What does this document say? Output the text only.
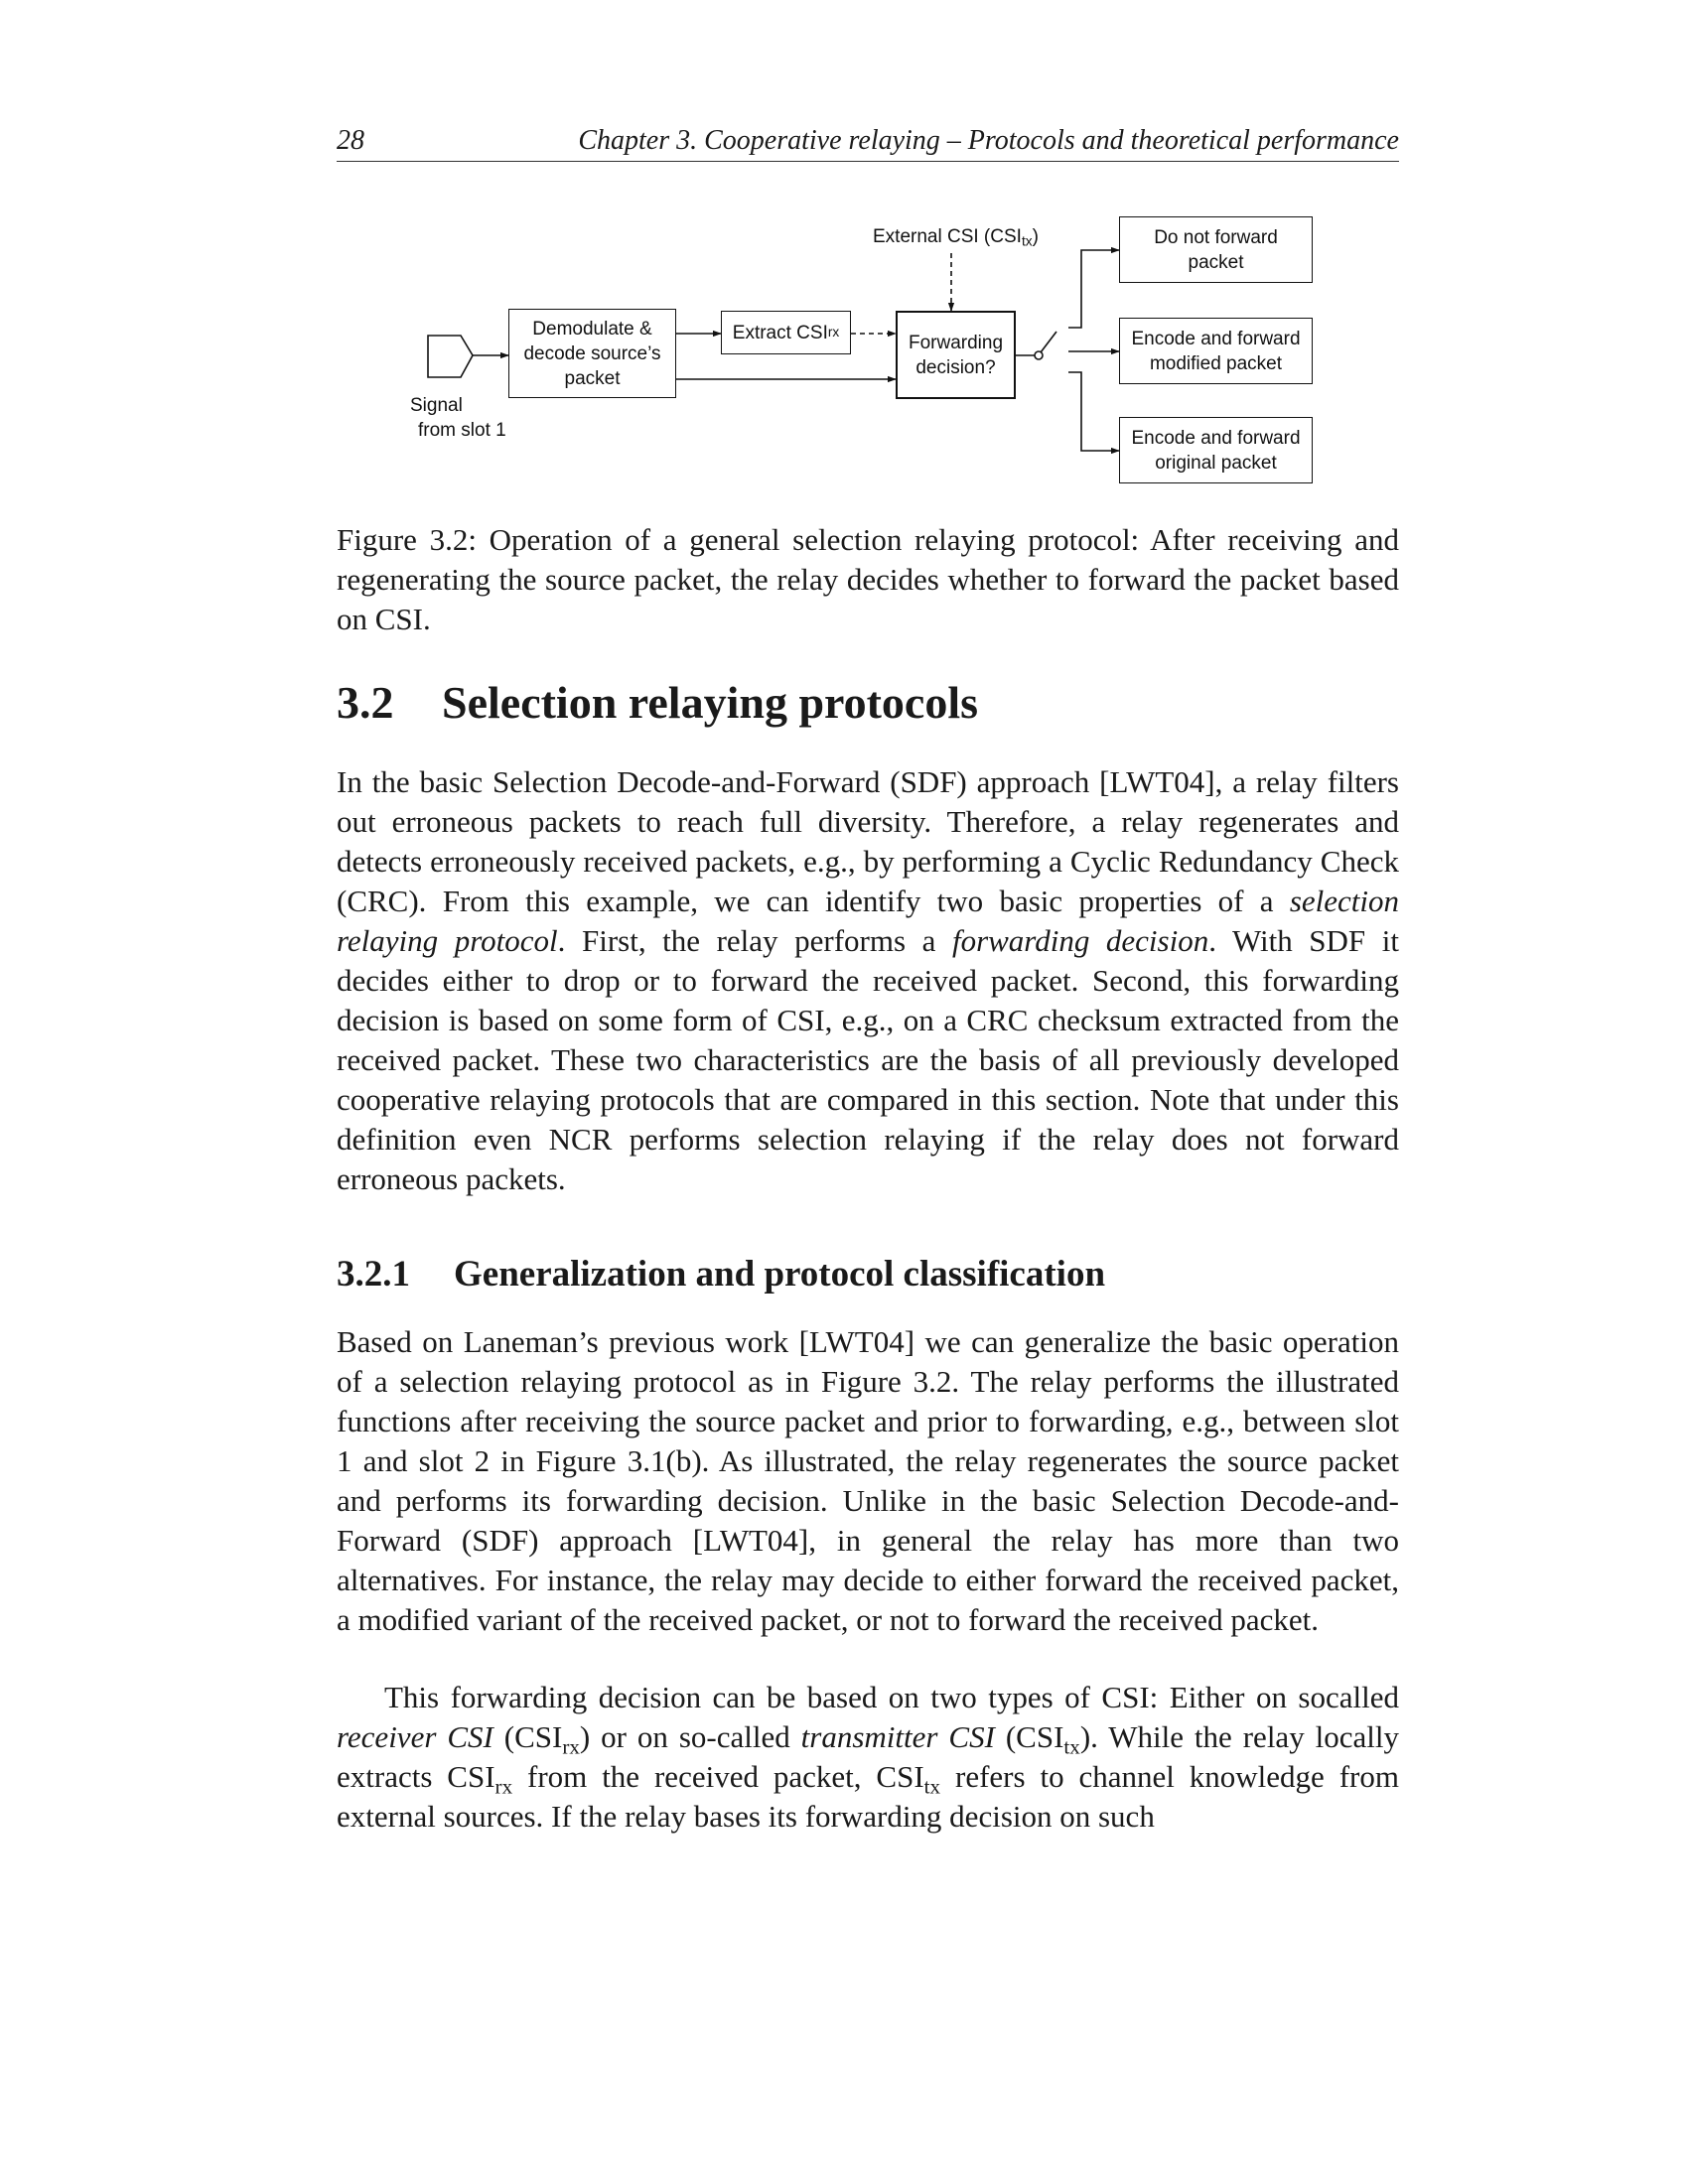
28	Chapter 3. Cooperative relaying – Protocols and theoretical performance
External CSI $(CSI_{tx})$
Signal
from slot 1
Demodulate &
decode source’s
packet
Extract CSI rx	Forwarding
decision?
Do not forward
packet
Encode and forward
modified packet
Encode and forward
original packet
Figure 3.2: Operation of a general selection relaying protocol: After receiving and regenerating the source packet, the relay decides whether to forward the packet based on CSI.
3.2 Selection relaying protocols
In the basic Selection Decode-and-Forward (SDF) approach [LWT04], a relay filters out erroneous packets to reach full diversity. Therefore, a relay regenerates and detects erroneously received packets, e.g., by performing a Cyclic Redundancy Check (CRC). From this example, we can identify two basic properties of a selection relaying protocol. First, the relay performs a forwarding decision. With SDF it decides either to drop or to forward the received packet. Second, this forwarding decision is based on some form of CSI, e.g., on a CRC checksum extracted from the received packet. These two characteristics are the basis of all previously developed cooperative relaying protocols that are compared in this section. Note that under this definition even NCR performs selection relaying if the relay does not forward erroneous packets.
3.2.1 Generalization and protocol classification
Based on Laneman’s previous work [LWT04] we can generalize the basic operation of a selection relaying protocol as in Figure 3.2. The relay performs the illustrated functions after receiving the source packet and prior to forwarding, e.g., between slot 1 and slot 2 in Figure 3.1(b). As illustrated, the relay regenerates the source packet and performs its forwarding decision. Unlike in the basic Selection Decode-and-Forward (SDF) approach [LWT04], in general the relay has more than two alternatives. For instance, the relay may decide to either forward the received packet, a modified variant of the received packet, or not to forward the received packet.
This forwarding decision can be based on two types of CSI: Either on socalled receiver CSI $(CSI_{rx})$ or on so-called transmitter CSI $(CSI_{tx})$. While the relay locally extracts $CSI_{rx}$ from the received packet, $CSI_{tx}$ refers to channel knowledge from external sources. If the relay bases its forwarding decision on such
